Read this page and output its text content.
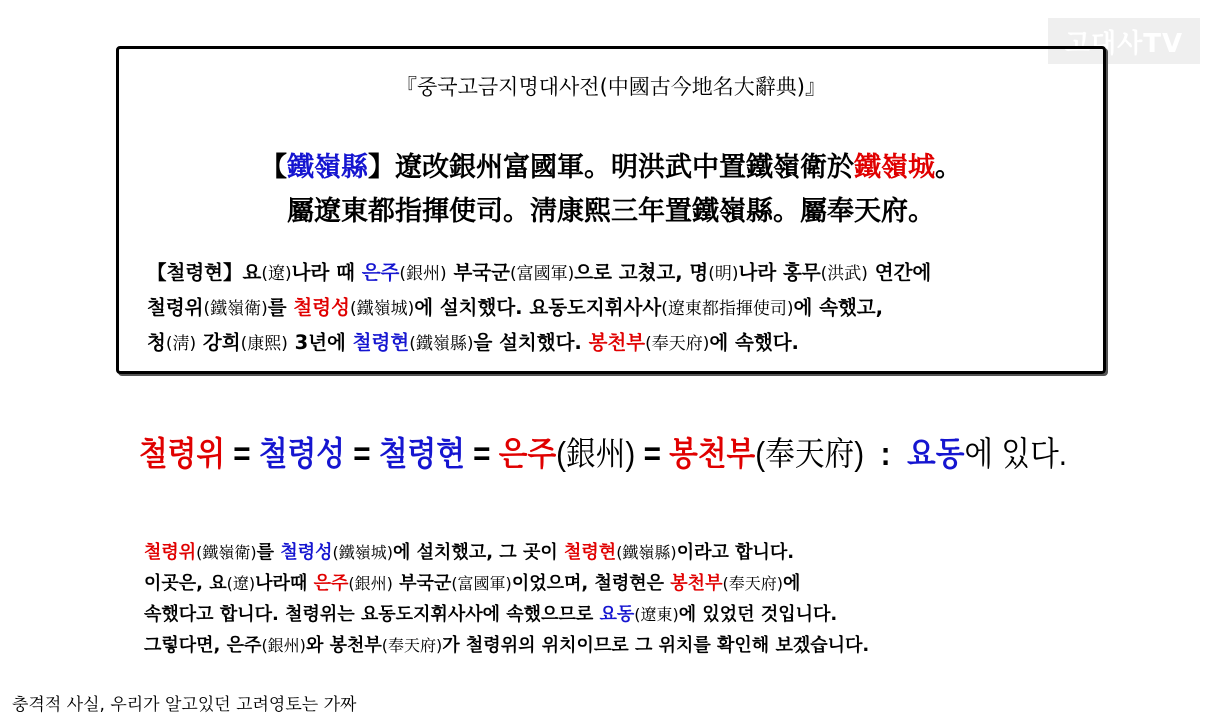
고대사TV
『중국고금지명대사전(中國古今地名大辭典)』
【鐵嶺縣】遼改銀州富國軍。明洪武中置鐵嶺衛於鐵嶺城。
屬遼東都指揮使司。淸康熙三年置鐵嶺縣。屬奉天府。
【철령현】요(遼)나라 때 은주(銀州) 부국군(富國軍)으로 고쳤고, 명(明)나라 홍무(洪武) 연간에
철령위(鐵嶺衛)를 철령성(鐵嶺城)에 설치했다. 요동도지휘사사(遼東都指揮使司)에 속했고,
청(淸) 강희(康熙) 3년에 철령현(鐵嶺縣)을 설치했다. 봉천부(奉天府)에 속했다.
철령위 = 철령성 = 철령현 = 은주(銀州) = 봉천부(奉天府)  :  요동에 있다.
철령위(鐵嶺衛)를 철령성(鐵嶺城)에 설치했고, 그 곳이 철령현(鐵嶺縣)이라고 합니다.
이곳은, 요(遼)나라때 은주(銀州) 부국군(富國軍)이었으며, 철령현은 봉천부(奉天府)에
속했다고 합니다. 철령위는 요동도지휘사사에 속했으므로 요동(遼東)에 있었던 것입니다.
그렇다면, 은주(銀州)와 봉천부(奉天府)가 철령위의 위치이므로 그 위치를 확인해 보겠습니다.
충격적 사실, 우리가 알고있던 고려영토는 가짜
